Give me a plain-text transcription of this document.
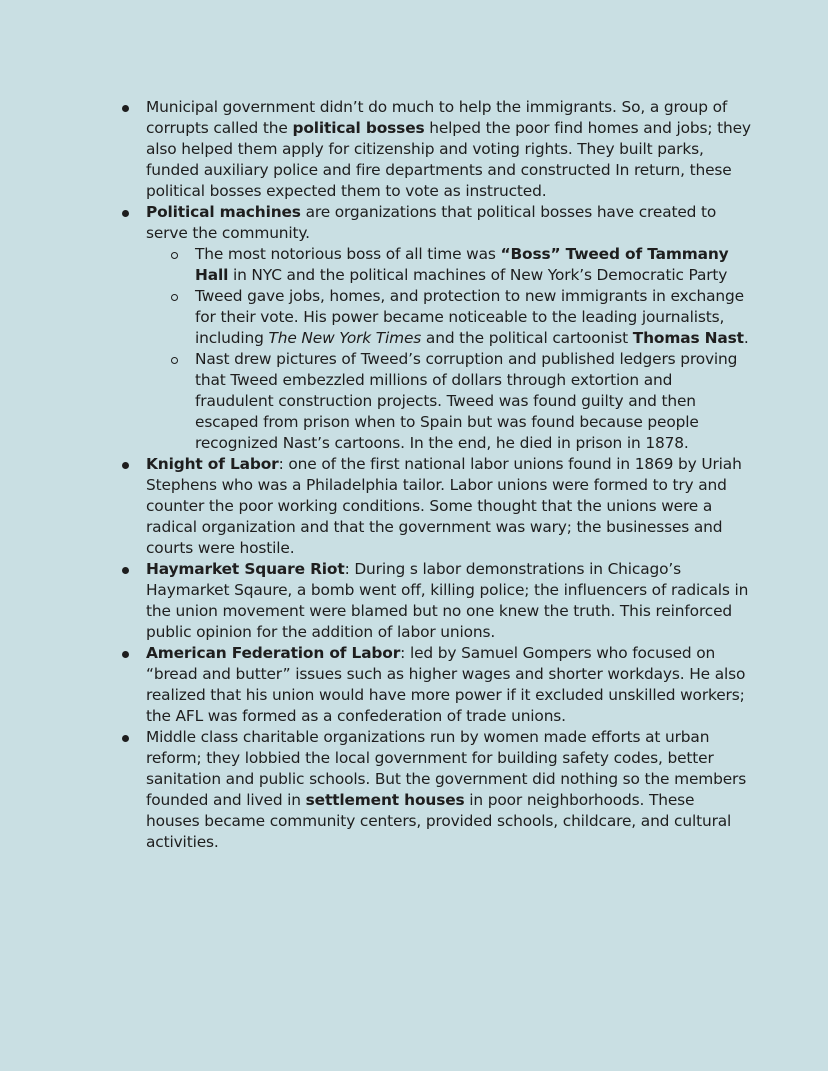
Municipal government didn’t do much to help the immigrants. So, a group of corrupts called the political bosses helped the poor find homes and jobs; they also helped them apply for citizenship and voting rights. They built parks, funded auxiliary police and fire departments and constructed In return, these political bosses expected them to vote as instructed.
Political machines are organizations that political bosses have created to serve the community.
The most notorious boss of all time was “Boss” Tweed of Tammany Hall in NYC and the political machines of New York’s Democratic Party
Tweed gave jobs, homes, and protection to new immigrants in exchange for their vote. His power became noticeable to the leading journalists, including The New York Times and the political cartoonist Thomas Nast.
Nast drew pictures of Tweed’s corruption and published ledgers proving that Tweed embezzled millions of dollars through extortion and fraudulent construction projects. Tweed was found guilty and then escaped from prison when to Spain but was found because people recognized Nast’s cartoons. In the end, he died in prison in 1878.
Knight of Labor: one of the first national labor unions found in 1869 by Uriah Stephens who was a Philadelphia tailor. Labor unions were formed to try and counter the poor working conditions. Some thought that the unions were a radical organization and that the government was wary; the businesses and courts were hostile.
Haymarket Square Riot: During s labor demonstrations in Chicago’s Haymarket Sqaure, a bomb went off, killing police; the influencers of radicals in the union movement were blamed but no one knew the truth. This reinforced public opinion for the addition of labor unions.
American Federation of Labor: led by Samuel Gompers who focused on “bread and butter” issues such as higher wages and shorter workdays. He also realized that his union would have more power if it excluded unskilled workers; the AFL was formed as a confederation of trade unions.
Middle class charitable organizations run by women made efforts at urban reform; they lobbied the local government for building safety codes, better sanitation and public schools. But the government did nothing so the members founded and lived in settlement houses in poor neighborhoods. These houses became community centers, provided schools, childcare, and cultural activities.
